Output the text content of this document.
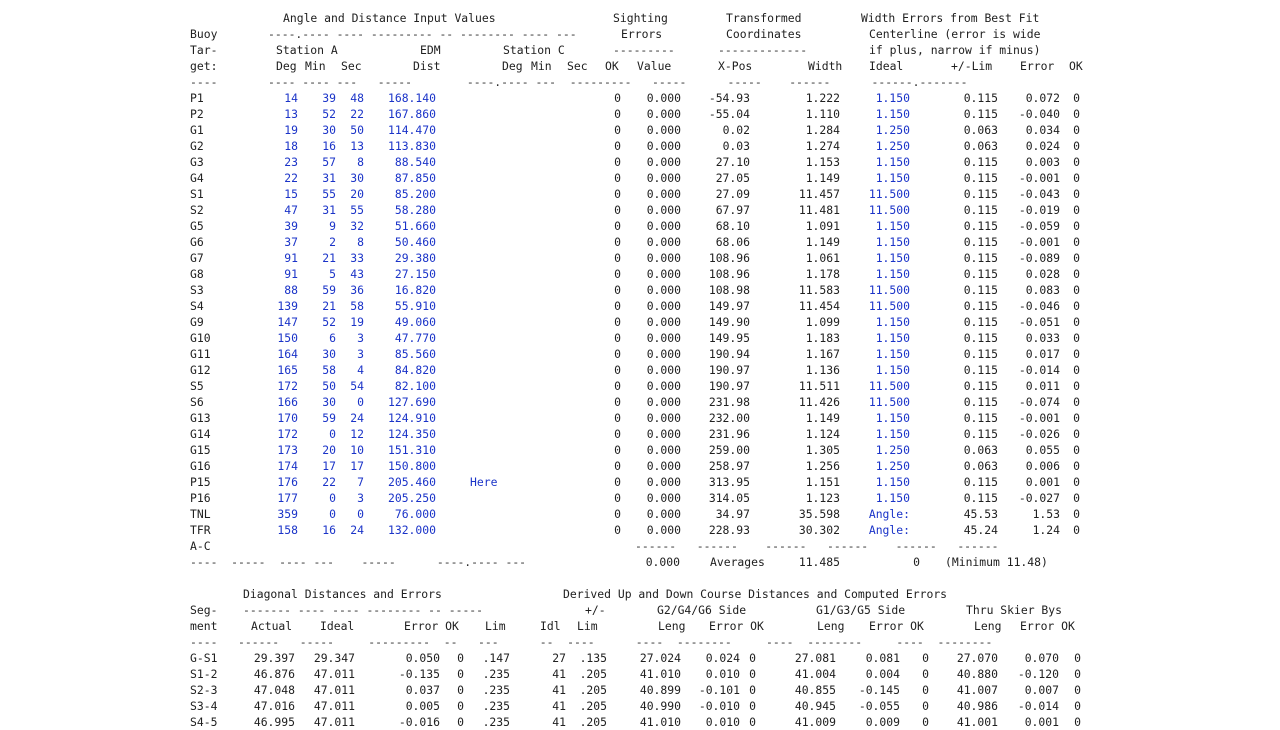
Angle and Distance Input Values	Sighting	Transformed	Width Errors from Best Fit
Buoy	----.---- ---- --------- -- -------- ---- ---	Errors	Coordinates	Centerline (error is wide
Tar-	Station A	EDM	Station C	---------	-------------	if plus, narrow if minus)
get:	Deg Min Sec	Dist	Deg Min Sec OK Value	X-Pos	Width Ideal	+/-Lim Error OK
----	---- ---- ---   -----        ----.---- ---  ---------   -----      -----    ------      ------.-------
P1	14	39	48	168.140	0	0.000	-54.93	1.222	1.150	0.115	0.072	0
P2	13	52	22	167.860	0	0.000	-55.04	1.110	1.150	0.115	-0.040	0
G1	19	30	50	114.470	0	0.000	0.02	1.284	1.250	0.063	0.034	0
G2	18	16	13	113.830	0	0.000	0.03	1.274	1.250	0.063	0.024	0
G3	23	57	8	88.540	0	0.000	27.10	1.153	1.150	0.115	0.003	0
G4	22	31	30	87.850	0	0.000	27.05	1.149	1.150	0.115	-0.001	0
S1	15	55	20	85.200	0	0.000	27.09	11.457	11.500	0.115	-0.043	0
S2	47	31	55	58.280	0	0.000	67.97	11.481	11.500	0.115	-0.019	0
G5	39	9	32	51.660	0	0.000	68.10	1.091	1.150	0.115	-0.059	0
G6	37	2	8	50.460	0	0.000	68.06	1.149	1.150	0.115	-0.001	0
G7	91	21	33	29.380	0	0.000	108.96	1.061	1.150	0.115	-0.089	0
G8	91	5	43	27.150	0	0.000	108.96	1.178	1.150	0.115	0.028	0
S3	88	59	36	16.820	0	0.000	108.98	11.583	11.500	0.115	0.083	0
S4	139	21	58	55.910	0	0.000	149.97	11.454	11.500	0.115	-0.046	0
G9	147	52	19	49.060	0	0.000	149.90	1.099	1.150	0.115	-0.051	0
G10	150	6	3	47.770	0	0.000	149.95	1.183	1.150	0.115	0.033	0
G11	164	30	3	85.560	0	0.000	190.94	1.167	1.150	0.115	0.017	0
G12	165	58	4	84.820	0	0.000	190.97	1.136	1.150	0.115	-0.014	0
S5	172	50	54	82.100	0	0.000	190.97	11.511	11.500	0.115	0.011	0
S6	166	30	0	127.690	0	0.000	231.98	11.426	11.500	0.115	-0.074	0
G13	170	59	24	124.910	0	0.000	232.00	1.149	1.150	0.115	-0.001	0
G14	172	0	12	124.350	0	0.000	231.96	1.124	1.150	0.115	-0.026	0
G15	173	20	10	151.310	0	0.000	259.00	1.305	1.250	0.063	0.055	0
G16	174	17	17	150.800	0	0.000	258.97	1.256	1.250	0.063	0.006	0
P15	176	22	7	205.460	Here	0	0.000	313.95	1.151	1.150	0.115	0.001	0
P16	177	0	3	205.250	0	0.000	314.05	1.123	1.150	0.115	-0.027	0
TNL	359	0	0	76.000	0	0.000	34.97	35.598	Angle:	45.53	1.53	0
TFR	158	16	24	132.000	0	0.000	228.93	30.302	Angle:	45.24	1.24	0
A-C	------   ------    ------   ------    ------   ------
----  -----  ---- ---    -----      ----.---- ---	0.000	Averages	11.485	0 (Minimum 11.48)
Diagonal Distances and Errors	Derived Up and Down Course Distances and Computed Errors
Seg- ------- ---- ---- -------- -- -----	+/-	G2/G4/G6 Side	G1/G3/G5 Side	Thru Skier Bys
ment	Actual Ideal	Error OK Lim	Idl Lim	Leng Error OK	Leng Error OK	Leng Error OK
----   ------   -----     ---------  --   ---      --  ----      ----  --------     ----  --------     ----  --------
G-S1	29.397	29.347	0.050	0	.147	27	.135	27.024	0.024 0	27.081	0.081	0	27.070	0.070	0
S1-2	46.876	47.011	-0.135	0	.235	41	.205	41.010	0.010 0	41.004	0.004	0	40.880	-0.120	0
S2-3	47.048	47.011	0.037	0	.235	41	.205	40.899	-0.101 0	40.855	-0.145	0	41.007	0.007	0
S3-4	47.016	47.011	0.005	0	.235	41	.205	40.990	-0.010 0	40.945	-0.055	0	40.986	-0.014	0
S4-5	46.995	47.011	-0.016	0	.235	41	.205	41.010	0.010 0	41.009	0.009	0	41.001	0.001	0
